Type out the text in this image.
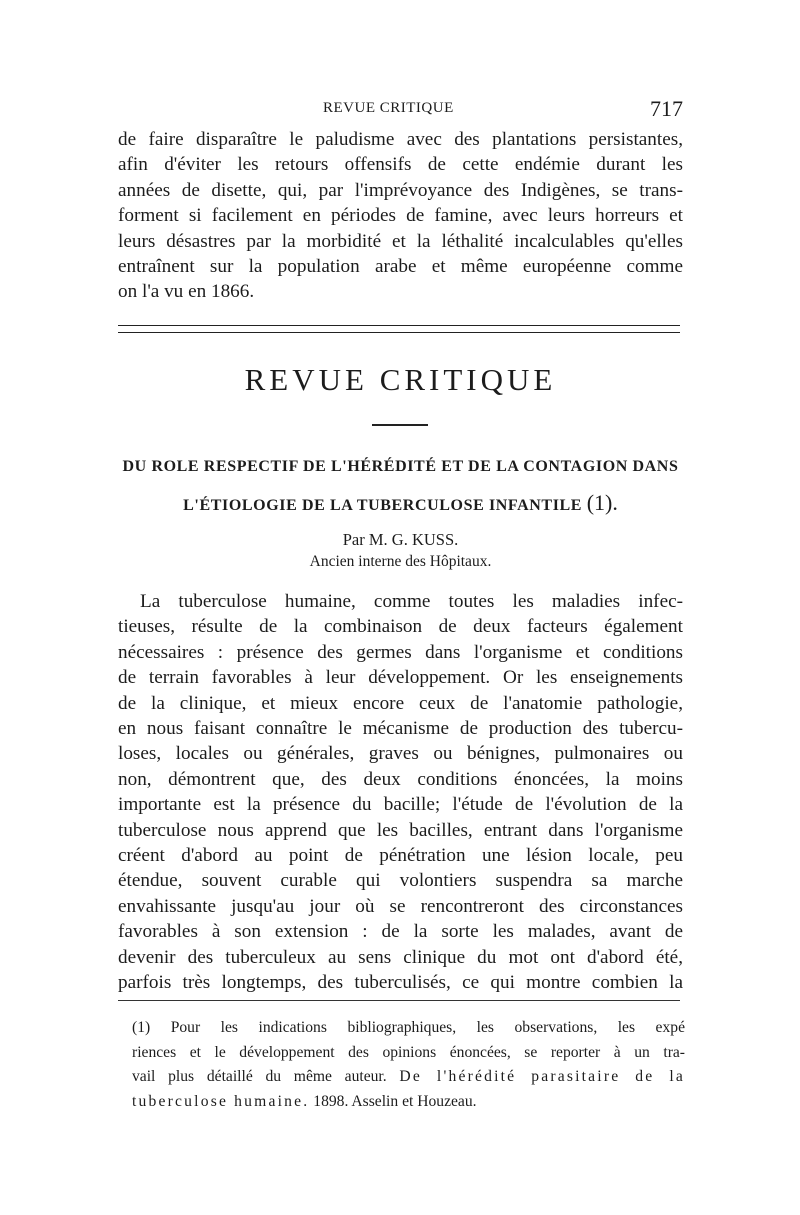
REVUE CRITIQUE	717
de faire disparaître le paludisme avec des plantations persistantes,
afin d'éviter les retours offensifs de cette endémie durant les
années de disette, qui, par l'imprévoyance des Indigènes, se trans-
forment si facilement en périodes de famine, avec leurs horreurs et
leurs désastres par la morbidité et la léthalité incalculables qu'elles
entraînent sur la population arabe et même européenne comme
on l'a vu en 1866.
REVUE CRITIQUE
DU ROLE RESPECTIF DE L'HÉRÉDITÉ ET DE LA CONTAGION DANS
L'ÉTIOLOGIE DE LA TUBERCULOSE INFANTILE (1).
Par M. G. KUSS.
Ancien interne des Hôpitaux.
La tuberculose humaine, comme toutes les maladies infec-
tieuses, résulte de la combinaison de deux facteurs également
nécessaires : présence des germes dans l'organisme et conditions
de terrain favorables à leur développement. Or les enseignements
de la clinique, et mieux encore ceux de l'anatomie pathologie,
en nous faisant connaître le mécanisme de production des tubercu-
loses, locales ou générales, graves ou bénignes, pulmonaires ou
non, démontrent que, des deux conditions énoncées, la moins
importante est la présence du bacille; l'étude de l'évolution de la
tuberculose nous apprend que les bacilles, entrant dans l'organisme
créent d'abord au point de pénétration une lésion locale, peu
étendue, souvent curable qui volontiers suspendra sa marche
envahissante jusqu'au jour où se rencontreront des circonstances
favorables à son extension : de la sorte les malades, avant de
devenir des tuberculeux au sens clinique du mot ont d'abord été,
parfois très longtemps, des tuberculisés, ce qui montre combien la
(1) Pour les indications bibliographiques, les observations, les expé
riences et le développement des opinions énoncées, se reporter à un tra-
vail plus détaillé du même auteur. De l'hérédité parasitaire de la
tuberculose humaine. 1898. Asselin et Houzeau.
